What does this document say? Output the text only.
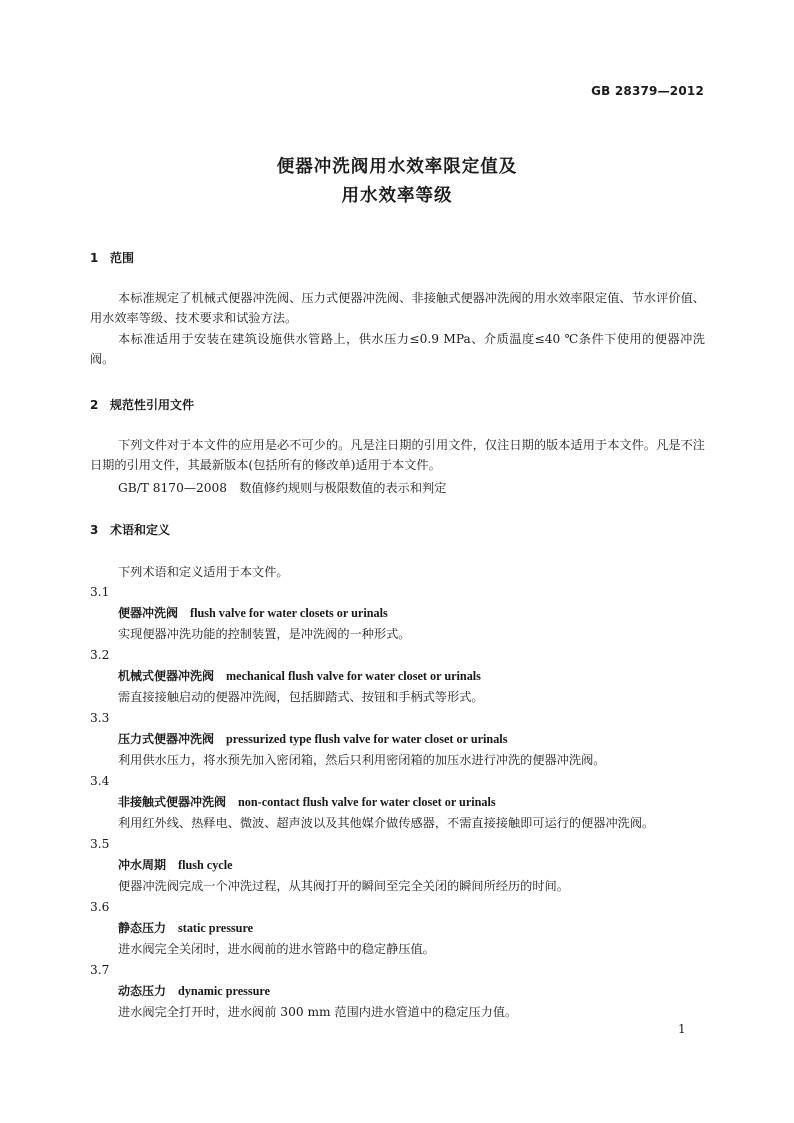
GB 28379—2012
便器冲洗阀用水效率限定值及
用水效率等级
1 范围

本标准规定了机械式便器冲洗阀、压力式便器冲洗阀、非接触式便器冲洗阀的用水效率限定值、节水评价值、用水效率等级、技术要求和试验方法。

本标准适用于安装在建筑设施供水管路上，供水压力≤0.9 MPa、介质温度≤40 ℃条件下使用的便器冲洗阀。

2 规范性引用文件

下列文件对于本文件的应用是必不可少的。凡是注日期的引用文件，仅注日期的版本适用于本文件。凡是不注日期的引用文件，其最新版本(包括所有的修改单)适用于本文件。

GB/T 8170—2008　数值修约规则与极限数值的表示和判定
3 术语和定义
下列术语和定义适用于本文件。
3.1
便器冲洗阀 flush valve for water closets or urinals
实现便器冲洗功能的控制装置，是冲洗阀的一种形式。
3.2
机械式便器冲洗阀 mechanical flush valve for water closet or urinals
需直接接触启动的便器冲洗阀，包括脚踏式、按钮和手柄式等形式。
3.3
压力式便器冲洗阀 pressurized type flush valve for water closet or urinals
利用供水压力，将水预先加入密闭箱，然后只利用密闭箱的加压水进行冲洗的便器冲洗阀。
3.4
非接触式便器冲洗阀 non-contact flush valve for water closet or urinals
利用红外线、热释电、微波、超声波以及其他媒介做传感器，不需直接接触即可运行的便器冲洗阀。
3.5
冲水周期 flush cycle
便器冲洗阀完成一个冲洗过程，从其阀打开的瞬间至完全关闭的瞬间所经历的时间。
3.6
静态压力 static pressure
进水阀完全关闭时，进水阀前的进水管路中的稳定静压值。
3.7
动态压力 dynamic pressure
进水阀完全打开时，进水阀前 300 mm 范围内进水管道中的稳定压力值。
1
